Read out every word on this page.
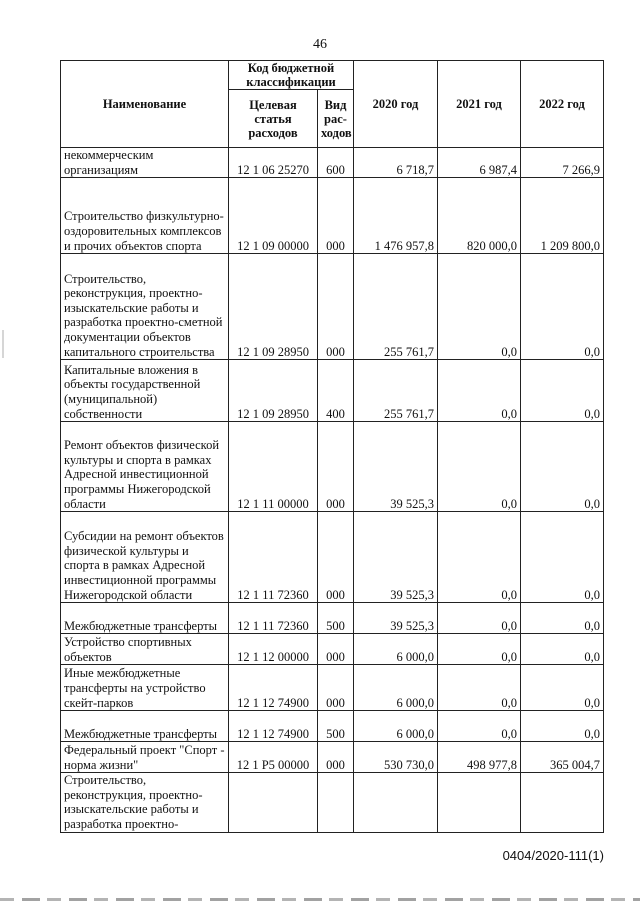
46
Наименование	Код бюджетной классификации		2020 год	2021 год	2022 год
	Целевая статья расходов	Вид рас-ходов			
некоммерческим организациям	12 1 06 25270	600	6 718,7	6 987,4	7 266,9
Строительство физкультурно-оздоровительных комплексов и прочих объектов спорта	12 1 09 00000	000	1 476 957,8	820 000,0	1 209 800,0
Строительство, реконструкция, проектно-изыскательские работы и разработка проектно-сметной документации объектов капитального строительства	12 1 09 28950	000	255 761,7	0,0	0,0
Капитальные вложения в объекты государственной (муниципальной) собственности	12 1 09 28950	400	255 761,7	0,0	0,0
Ремонт объектов физической культуры и спорта в рамках Адресной инвестиционной программы Нижегородской области	12 1 11 00000	000	39 525,3	0,0	0,0
Субсидии на ремонт объектов физической культуры и спорта в рамках Адресной инвестиционной программы Нижегородской области	12 1 11 72360	000	39 525,3	0,0	0,0
Межбюджетные трансферты	12 1 11 72360	500	39 525,3	0,0	0,0
Устройство спортивных объектов	12 1 12 00000	000	6 000,0	0,0	0,0
Иные межбюджетные трансферты на устройство скейт-парков	12 1 12 74900	000	6 000,0	0,0	0,0
Межбюджетные трансферты	12 1 12 74900	500	6 000,0	0,0	0,0
Федеральный проект "Спорт - норма жизни"	12 1 P5 00000	000	530 730,0	498 977,8	365 004,7
Строительство, реконструкция, проектно-изыскательские работы и разработка проектно-					
0404/2020-111(1)
